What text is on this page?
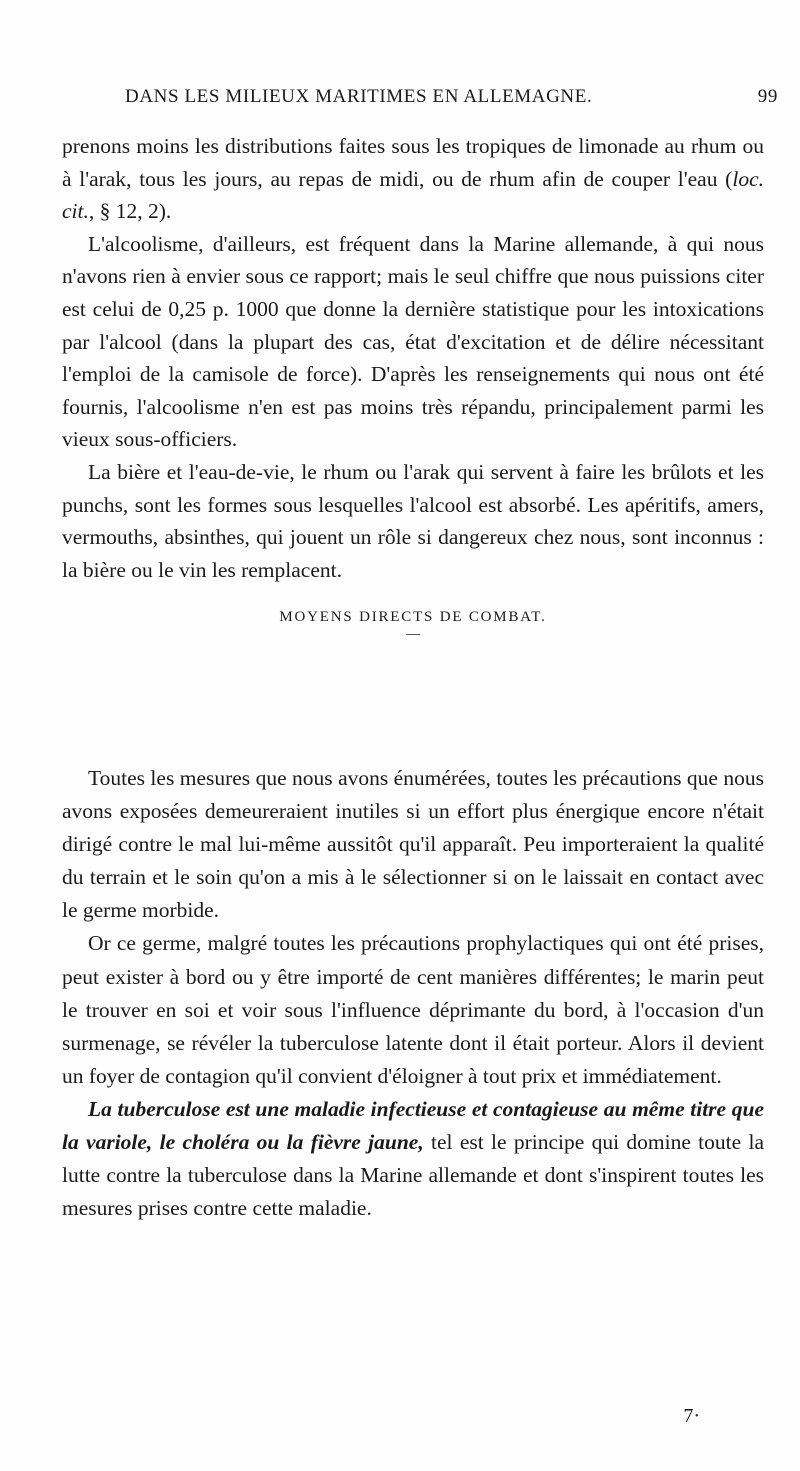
DANS LES MILIEUX MARITIMES EN ALLEMAGNE.	99

prenons moins les distributions faites sous les tropiques de limonade au rhum ou à l'arak, tous les jours, au repas de midi, ou de rhum afin de couper l'eau (loc. cit., § 12, 2).

L'alcoolisme, d'ailleurs, est fréquent dans la Marine allemande, à qui nous n'avons rien à envier sous ce rapport; mais le seul chiffre que nous puissions citer est celui de 0,25 p. 1000 que donne la dernière statistique pour les intoxications par l'alcool (dans la plupart des cas, état d'excitation et de délire nécessitant l'emploi de la camisole de force). D'après les renseignements qui nous ont été fournis, l'alcoolisme n'en est pas moins très répandu, principalement parmi les vieux sous-officiers.

La bière et l'eau-de-vie, le rhum ou l'arak qui servent à faire les brûlots et les punchs, sont les formes sous lesquelles l'alcool est absorbé. Les apéritifs, amers, vermouths, absinthes, qui jouent un rôle si dangereux chez nous, sont inconnus : la bière ou le vin les remplacent.

MOYENS DIRECTS DE COMBAT.

Toutes les mesures que nous avons énumérées, toutes les précautions que nous avons exposées demeureraient inutiles si un effort plus énergique encore n'était dirigé contre le mal lui-même aussitôt qu'il apparaît. Peu importeraient la qualité du terrain et le soin qu'on a mis à le sélectionner si on le laissait en contact avec le germe morbide.

Or ce germe, malgré toutes les précautions prophylactiques qui ont été prises, peut exister à bord ou y être importé de cent manières différentes; le marin peut le trouver en soi et voir sous l'influence déprimante du bord, à l'occasion d'un surmenage, se révéler la tuberculose latente dont il était porteur. Alors il devient un foyer de contagion qu'il convient d'éloigner à tout prix et immédiatement.

La tuberculose est une maladie infectieuse et contagieuse au même titre que la variole, le choléra ou la fièvre jaune, tel est le principe qui domine toute la lutte contre la tuberculose dans la Marine allemande et dont s'inspirent toutes les mesures prises contre cette maladie.

7·
